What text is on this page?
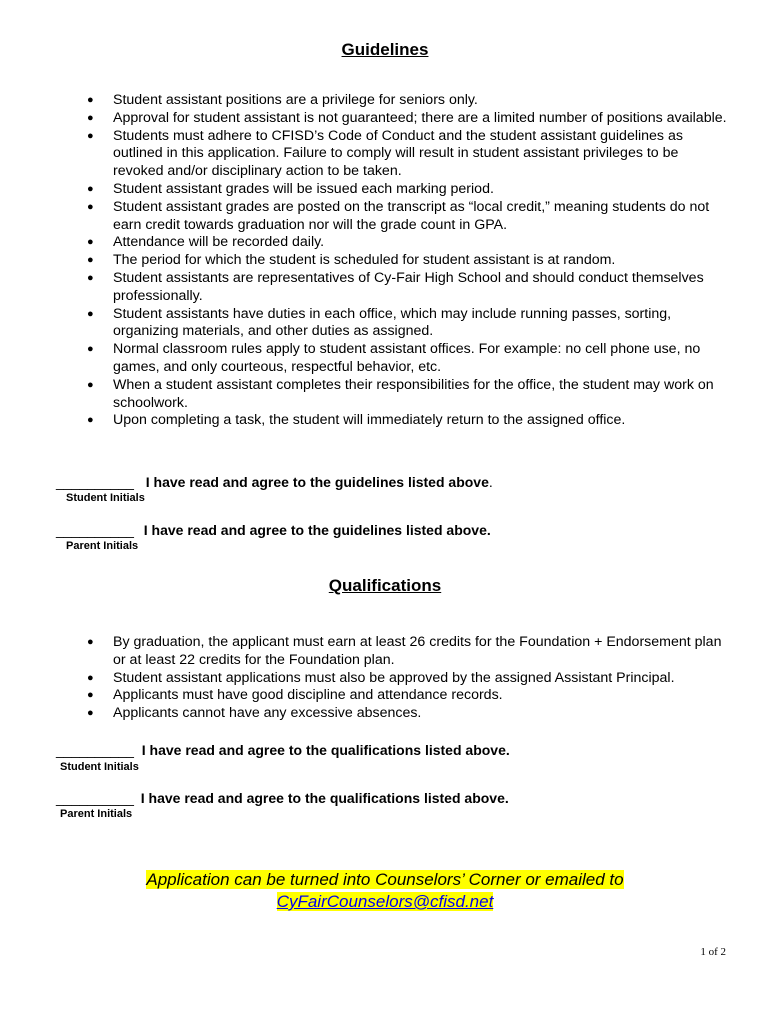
Guidelines
● Student assistant positions are a privilege for seniors only.
● Approval for student assistant is not guaranteed; there are a limited number of positions available.
● Students must adhere to CFISD’s Code of Conduct and the student assistant guidelines as outlined in this application. Failure to comply will result in student assistant privileges to be revoked and/or disciplinary action to be taken.
● Student assistant grades will be issued each marking period.
● Student assistant grades are posted on the transcript as “local credit,” meaning students do not earn credit towards graduation nor will the grade count in GPA.
● Attendance will be recorded daily.
● The period for which the student is scheduled for student assistant is at random.
● Student assistants are representatives of Cy-Fair High School and should conduct themselves professionally.
● Student assistants have duties in each office, which may include running passes, sorting, organizing materials, and other duties as assigned.
● Normal classroom rules apply to student assistant offices. For example: no cell phone use, no games, and only courteous, respectful behavior, etc.
● When a student assistant completes their responsibilities for the office, the student may work on schoolwork.
● Upon completing a task, the student will immediately return to the assigned office.
__________ I have read and agree to the guidelines listed above.
Student Initials
__________ I have read and agree to the guidelines listed above.
Parent Initials
Qualifications
● By graduation, the applicant must earn at least 26 credits for the Foundation + Endorsement plan or at least 22 credits for the Foundation plan.
● Student assistant applications must also be approved by the assigned Assistant Principal.
● Applicants must have good discipline and attendance records.
● Applicants cannot have any excessive absences.
__________ I have read and agree to the qualifications listed above.
Student Initials
__________ I have read and agree to the qualifications listed above.
Parent Initials
Application can be turned into Counselors’ Corner or emailed to
CyFairCounselors@cfisd.net
1 of 2
